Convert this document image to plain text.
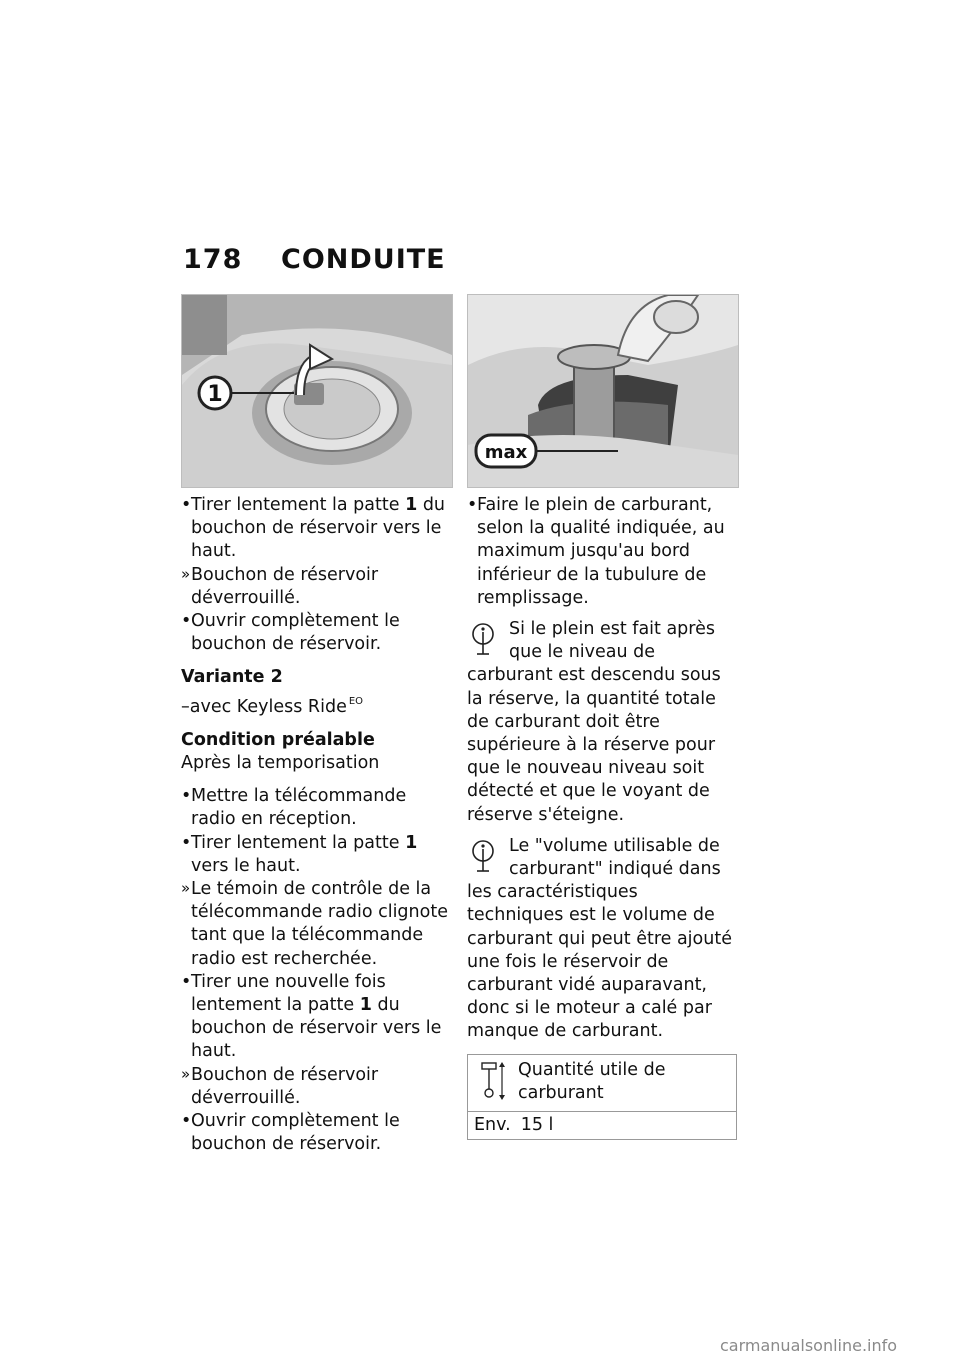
178 CONDUITE
1
• Tirer lentement la patte 1 du bouchon de réservoir vers le haut.
» Bouchon de réservoir déverrouillé.
• Ouvrir complètement le bouchon de réservoir.
Variante 2
–avec Keyless Ride $^{EO}$
Condition préalable
Après la temporisation
• Mettre la télécommande radio en réception.
• Tirer lentement la patte 1 vers le haut.
» Le témoin de contrôle de la télécommande radio clignote tant que la télécommande radio est recherchée.
• Tirer une nouvelle fois lentement la patte 1 du bouchon de réservoir vers le haut.
» Bouchon de réservoir déverrouillé.
• Ouvrir complètement le bouchon de réservoir.
max
• Faire le plein de carburant, selon la qualité indiquée, au maximum jusqu'au bord inférieur de la tubulure de remplissage.
Si le plein est fait après que le niveau de carburant est descendu sous la réserve, la quantité totale de carburant doit être supérieure à la réserve pour que le nouveau niveau soit détecté et que le voyant de réserve s'éteigne.
Le "volume utilisable de carburant" indiqué dans les caractéristiques techniques est le volume de carburant qui peut être ajouté une fois le réservoir de carburant vidé auparavant, donc si le moteur a calé par manque de carburant.
Quantité utile de carburant
Env. 15 l
carmanualsonline.info
